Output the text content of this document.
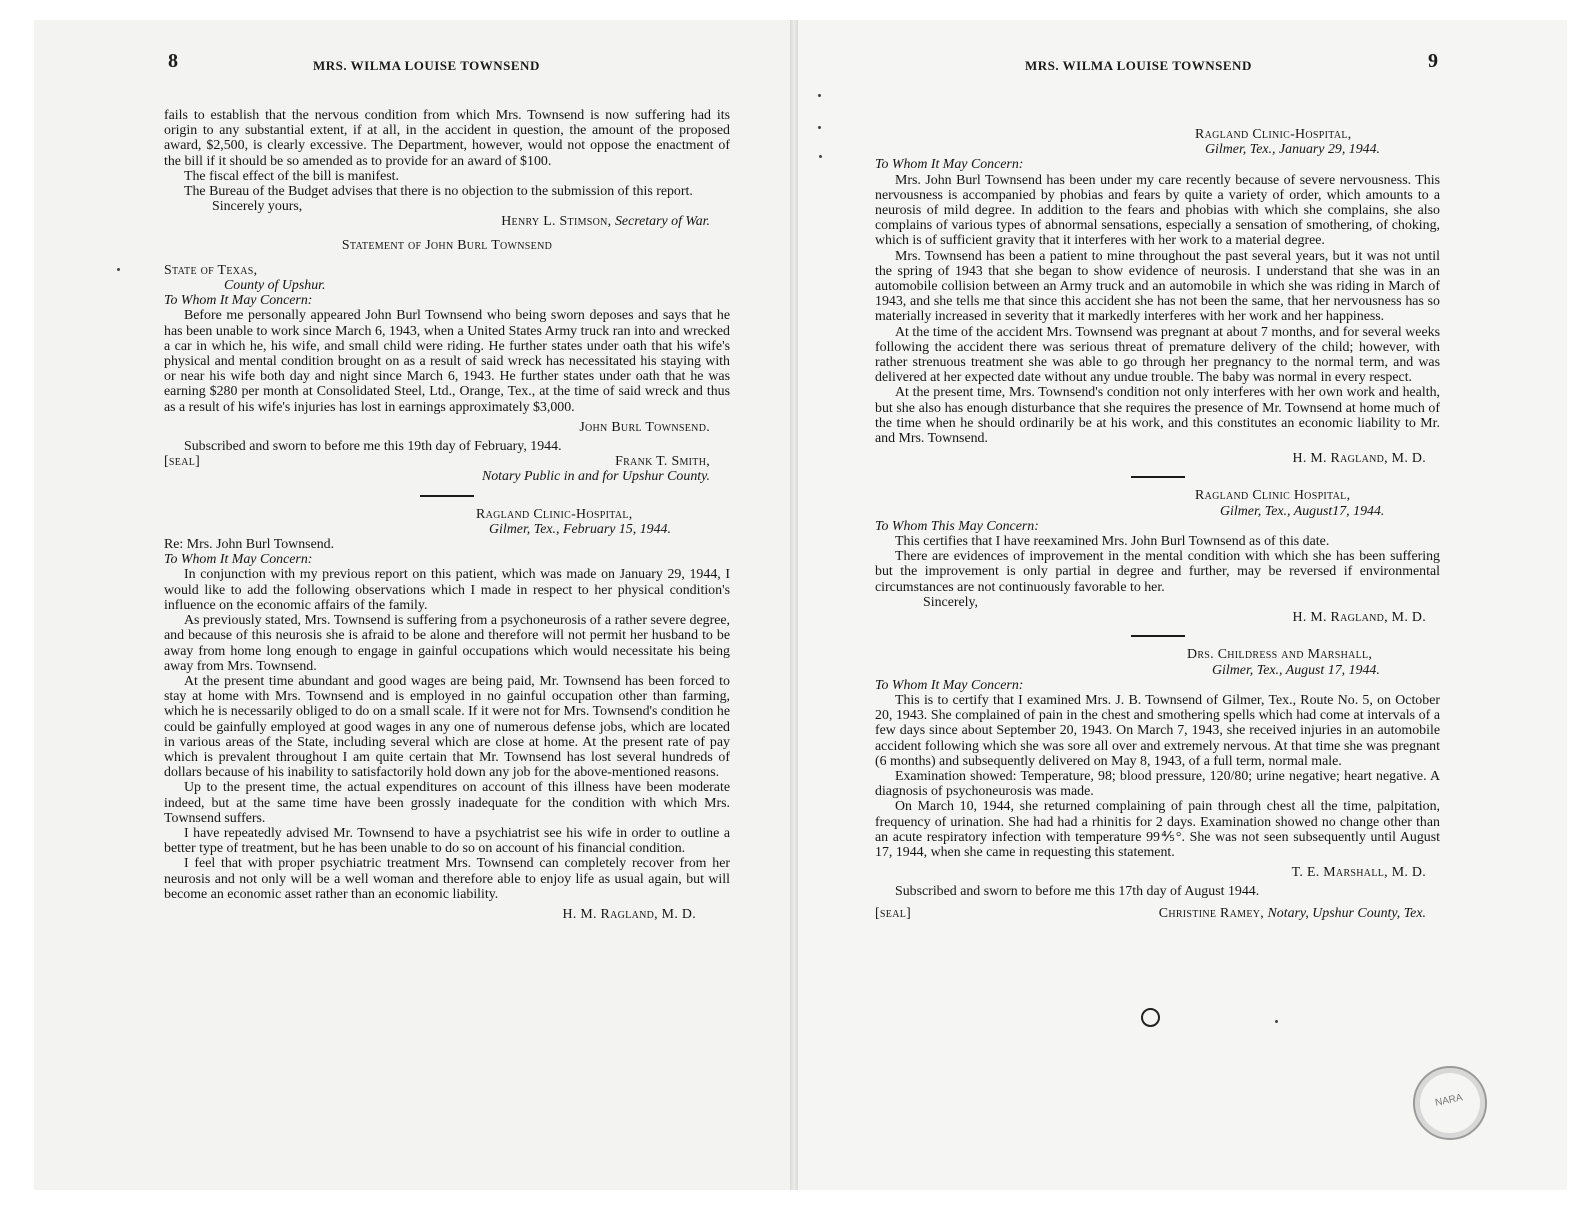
8	MRS. WILMA LOUISE TOWNSEND

fails to establish that the nervous condition from which Mrs. Townsend is now suffering had its origin to any substantial extent, if at all, in the accident in question, the amount of the proposed award, $2,500, is clearly excessive. The Department, however, would not oppose the enactment of the bill if it should be so amended as to provide for an award of $100.

The fiscal effect of the bill is manifest.

The Bureau of the Budget advises that there is no objection to the submission of this report.

Sincerely yours,

Henry L. Stimson, Secretary of War.
Statement of John Burl Townsend
State of Texas,
County of Upshur.
To Whom It May Concern:

Before me personally appeared John Burl Townsend who being sworn deposes and says that he has been unable to work since March 6, 1943, when a United States Army truck ran into and wrecked a car in which he, his wife, and small child were riding. He further states under oath that his wife's physical and mental condition brought on as a result of said wreck has necessitated his staying with or near his wife both day and night since March 6, 1943. He further states under oath that he was earning $280 per month at Consolidated Steel, Ltd., Orange, Tex., at the time of said wreck and thus as a result of his wife's injuries has lost in earnings approximately $3,000.

John Burl Townsend.

Subscribed and sworn to before me this 19th day of February, 1944.

[seal]	Frank T. Smith,
Notary Public in and for Upshur County.
Ragland Clinic-Hospital,
Gilmer, Tex., February 15, 1944.
Re: Mrs. John Burl Townsend.
To Whom It May Concern:

In conjunction with my previous report on this patient, which was made on January 29, 1944, I would like to add the following observations which I made in respect to her physical condition's influence on the economic affairs of the family.

As previously stated, Mrs. Townsend is suffering from a psychoneurosis of a rather severe degree, and because of this neurosis she is afraid to be alone and therefore will not permit her husband to be away from home long enough to engage in gainful occupations which would necessitate his being away from Mrs. Townsend.

At the present time abundant and good wages are being paid, Mr. Townsend has been forced to stay at home with Mrs. Townsend and is employed in no gainful occupation other than farming, which he is necessarily obliged to do on a small scale. If it were not for Mrs. Townsend's condition he could be gainfully employed at good wages in any one of numerous defense jobs, which are located in various areas of the State, including several which are close at home. At the present rate of pay which is prevalent throughout I am quite certain that Mr. Townsend has lost several hundreds of dollars because of his inability to satisfactorily hold down any job for the above-mentioned reasons.

Up to the present time, the actual expenditures on account of this illness have been moderate indeed, but at the same time have been grossly inadequate for the condition with which Mrs. Townsend suffers.

I have repeatedly advised Mr. Townsend to have a psychiatrist see his wife in order to outline a better type of treatment, but he has been unable to do so on account of his financial condition.

I feel that with proper psychiatric treatment Mrs. Townsend can completely recover from her neurosis and not only will be a well woman and therefore able to enjoy life as usual again, but will become an economic asset rather than an economic liability.

H. M. Ragland, M. D.
MRS. WILMA LOUISE TOWNSEND	9
Ragland Clinic-Hospital,
Gilmer, Tex., January 29, 1944.
To Whom It May Concern:

Mrs. John Burl Townsend has been under my care recently because of severe nervousness. This nervousness is accompanied by phobias and fears by quite a variety of order, which amounts to a neurosis of mild degree. In addition to the fears and phobias with which she complains, she also complains of various types of abnormal sensations, especially a sensation of smothering, of choking, which is of sufficient gravity that it interferes with her work to a material degree.

Mrs. Townsend has been a patient to mine throughout the past several years, but it was not until the spring of 1943 that she began to show evidence of neurosis. I understand that she was in an automobile collision between an Army truck and an automobile in which she was riding in March of 1943, and she tells me that since this accident she has not been the same, that her nervousness has so materially increased in severity that it markedly interferes with her work and her happiness.

At the time of the accident Mrs. Townsend was pregnant at about 7 months, and for several weeks following the accident there was serious threat of premature delivery of the child; however, with rather strenuous treatment she was able to go through her pregnancy to the normal term, and was delivered at her expected date without any undue trouble. The baby was normal in every respect.

At the present time, Mrs. Townsend's condition not only interferes with her own work and health, but she also has enough disturbance that she requires the presence of Mr. Townsend at home much of the time when he should ordinarily be at his work, and this constitutes an economic liability to Mr. and Mrs. Townsend.

H. M. Ragland, M. D.
Ragland Clinic Hospital,
Gilmer, Tex., August17, 1944.
To Whom This May Concern:

This certifies that I have reexamined Mrs. John Burl Townsend as of this date.

There are evidences of improvement in the mental condition with which she has been suffering but the improvement is only partial in degree and further, may be reversed if environmental circumstances are not continuously favorable to her.

Sincerely,

H. M. Ragland, M. D.
Drs. Childress and Marshall,
Gilmer, Tex., August 17, 1944.
To Whom It May Concern:

This is to certify that I examined Mrs. J. B. Townsend of Gilmer, Tex., Route No. 5, on October 20, 1943. She complained of pain in the chest and smothering spells which had come at intervals of a few days since about September 20, 1943. On March 7, 1943, she received injuries in an automobile accident following which she was sore all over and extremely nervous. At that time she was pregnant (6 months) and subsequently delivered on May 8, 1943, of a full term, normal male.

Examination showed: Temperature, 98; blood pressure, 120/80; urine negative; heart negative. A diagnosis of psychoneurosis was made.

On March 10, 1944, she returned complaining of pain through chest all the time, palpitation, frequency of urination. She had had a rhinitis for 2 days. Examination showed no change other than an acute respiratory infection with temperature 99⅘°. She was not seen subsequently until August 17, 1944, when she came in requesting this statement.

T. E. Marshall, M. D.

Subscribed and sworn to before me this 17th day of August 1944.

[seal]	Christine Ramey, Notary, Upshur County, Tex.
NARA
